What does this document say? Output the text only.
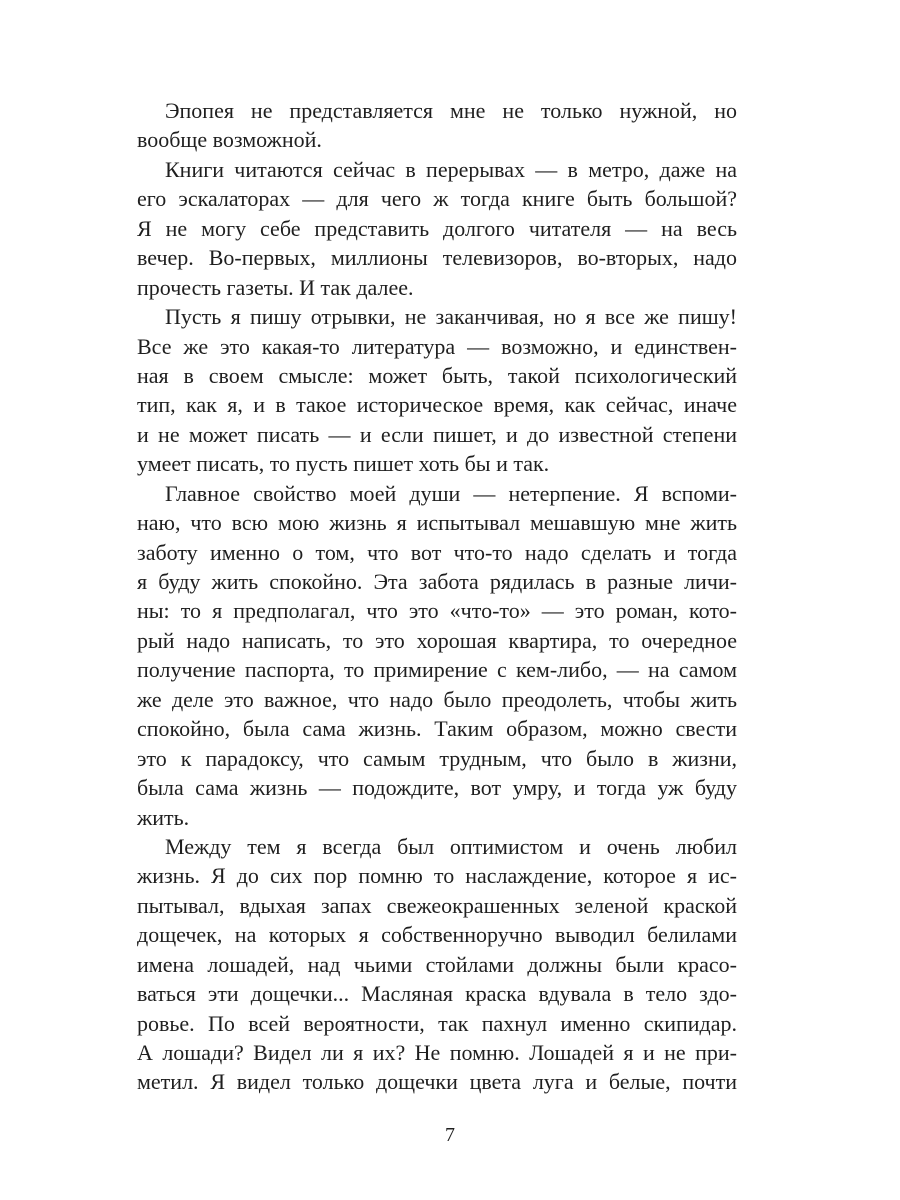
Эпопея не представляется мне не только нужной, но
вообще возможной.
Книги читаются сейчас в перерывах — в метро, даже на
его эскалаторах — для чего ж тогда книге быть большой?
Я не могу себе представить долгого читателя — на весь
вечер. Во-первых, миллионы телевизоров, во-вторых, надо
прочесть газеты. И так далее.
Пусть я пишу отрывки, не заканчивая, но я все же пишу!
Все же это какая-то литература — возможно, и единствен-
ная в своем смысле: может быть, такой психологический
тип, как я, и в такое историческое время, как сейчас, иначе
и не может писать — и если пишет, и до известной степени
умеет писать, то пусть пишет хоть бы и так.
Главное свойство моей души — нетерпение. Я вспоми-
наю, что всю мою жизнь я испытывал мешавшую мне жить
заботу именно о том, что вот что-то надо сделать и тогда
я буду жить спокойно. Эта забота рядилась в разные личи-
ны: то я предполагал, что это «что-то» — это роман, кото-
рый надо написать, то это хорошая квартира, то очередное
получение паспорта, то примирение с кем-либо, — на самом
же деле это важное, что надо было преодолеть, чтобы жить
спокойно, была сама жизнь. Таким образом, можно свести
это к парадоксу, что самым трудным, что было в жизни,
была сама жизнь — подождите, вот умру, и тогда уж буду
жить.
Между тем я всегда был оптимистом и очень любил
жизнь. Я до сих пор помню то наслаждение, которое я ис-
пытывал, вдыхая запах свежеокрашенных зеленой краской
дощечек, на которых я собственноручно выводил белилами
имена лошадей, над чьими стойлами должны были красо-
ваться эти дощечки... Масляная краска вдувала в тело здо-
ровье. По всей вероятности, так пахнул именно скипидар.
А лошади? Видел ли я их? Не помню. Лошадей я и не при-
метил. Я видел только дощечки цвета луга и белые, почти
7
